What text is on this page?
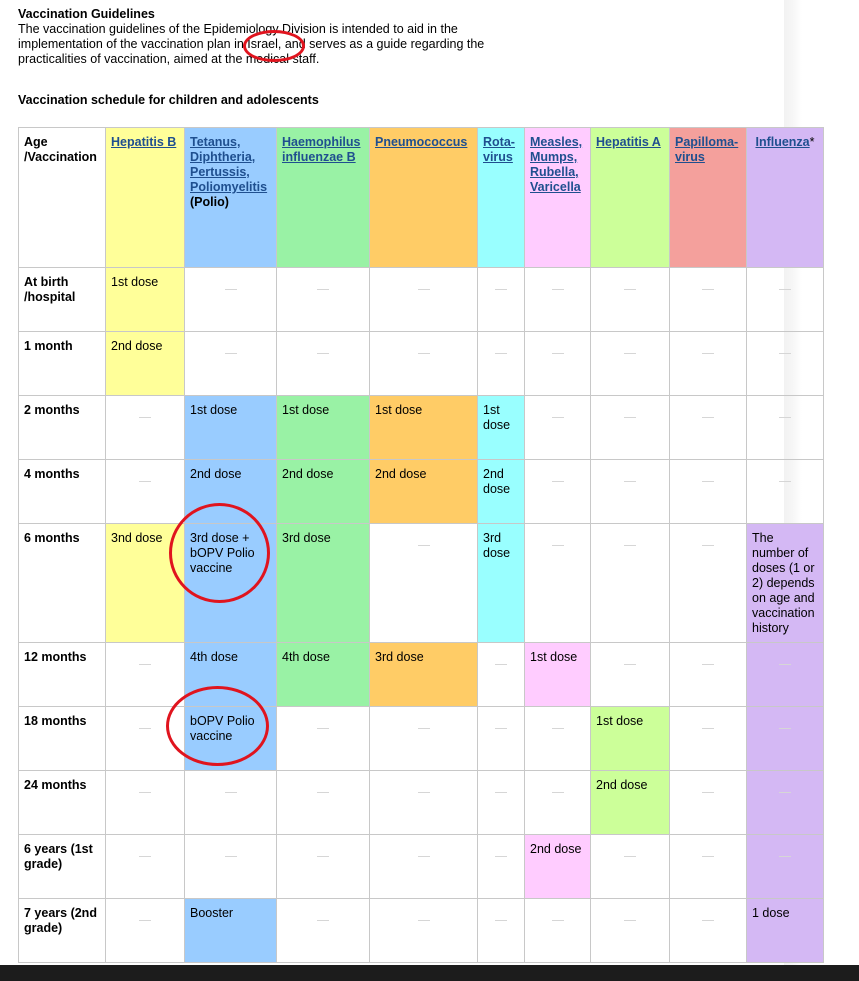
Vaccination Guidelines
The vaccination guidelines of the Epidemiology Division is intended to aid in the implementation of the vaccination plan in Israel, and serves as a guide regarding the practicalities of vaccination, aimed at the medical staff.
Vaccination schedule for children and adolescents
Age /Vaccination	Hepatitis B	Tetanus, Diphtheria, Pertussis, Poliomyelitis (Polio)	Haemophilus influenzae B	Pneumococcus	Rota-virus	Measles, Mumps, Rubella, Varicella	Hepatitis A	Papilloma-virus	Influenza*
At birth /hospital	1st dose	

1 month	2nd dose	

2 months		1st dose	1st dose	1st dose	1st dose	

4 months		2nd dose	2nd dose	2nd dose	2nd dose	

6 months	3nd dose	3rd dose + bOPV Polio vaccine	3rd dose		3rd dose				The number of doses (1 or 2) depends on age and vaccination history
12 months		4th dose	4th dose	3rd dose		1st dose	

18 months		bOPV Polio vaccine					1st dose	

24 months							2nd dose	

6 years (1st grade)						2nd dose	

7 years (2nd grade)		Booster							1 dose
